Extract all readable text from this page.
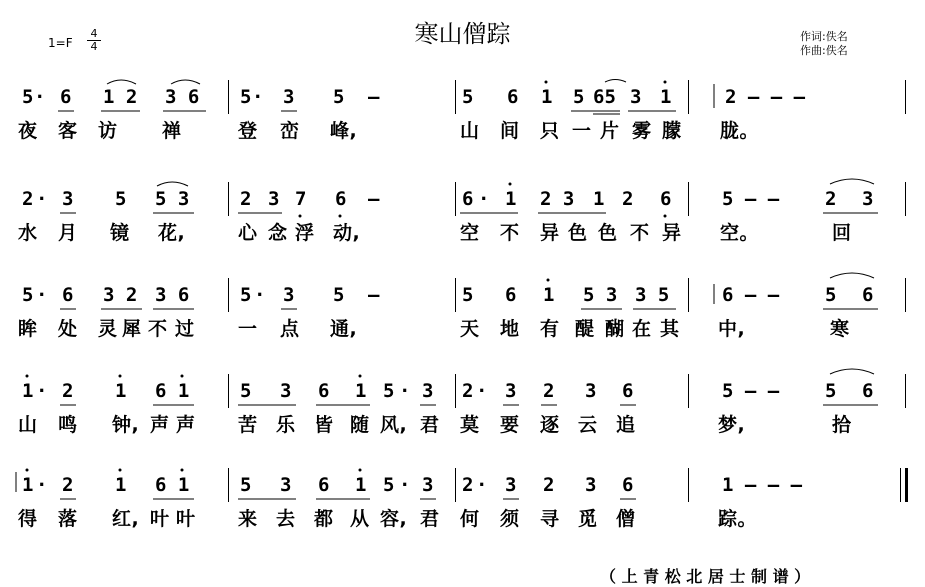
寒山僧踪
1=F
4
4
作词:佚名
作曲:佚名
5 · 6 1 2 3 6 5 · 3 5 –	5 6 1 5 65 3 1	2 – – –
夜 客 访 禅	登 峦 峰,	山 间 只 一 片 雾 朦 胧。
2 · 3 5 5 3	2 3 7 6 –	6 · 1 2 3 1 2 6	5 – – 2 3
水 月 镜 花,	心 念 浮 动,	空 不 异 色 色 不 异 空。	回
5 · 6 3 2 3 6	5 · 3 5 –	5 6 1 5 3 3 5	6 – – 5 6
眸 处 灵 犀 不 过 一 点 通,	天 地 有 醍 醐 在 其 中,	寒
1 · 2 1 6 1	5 3 6 1 5 · 3 2 · 3 2 3 6	5 – – 5 6
山 鸣 钟, 声 声 苦 乐 皆 随 风, 君 莫 要 逐 云 追	梦,	拾
1 · 2 1 6 1	5 3 6 1 5 · 3 2 · 3 2 3 6	1 – – –
得 落 红, 叶 叶 来 去 都 从 容, 君 何 须 寻 觅 僧	踪。
（ 上 青 松 北 居 士 制 谱 ）
